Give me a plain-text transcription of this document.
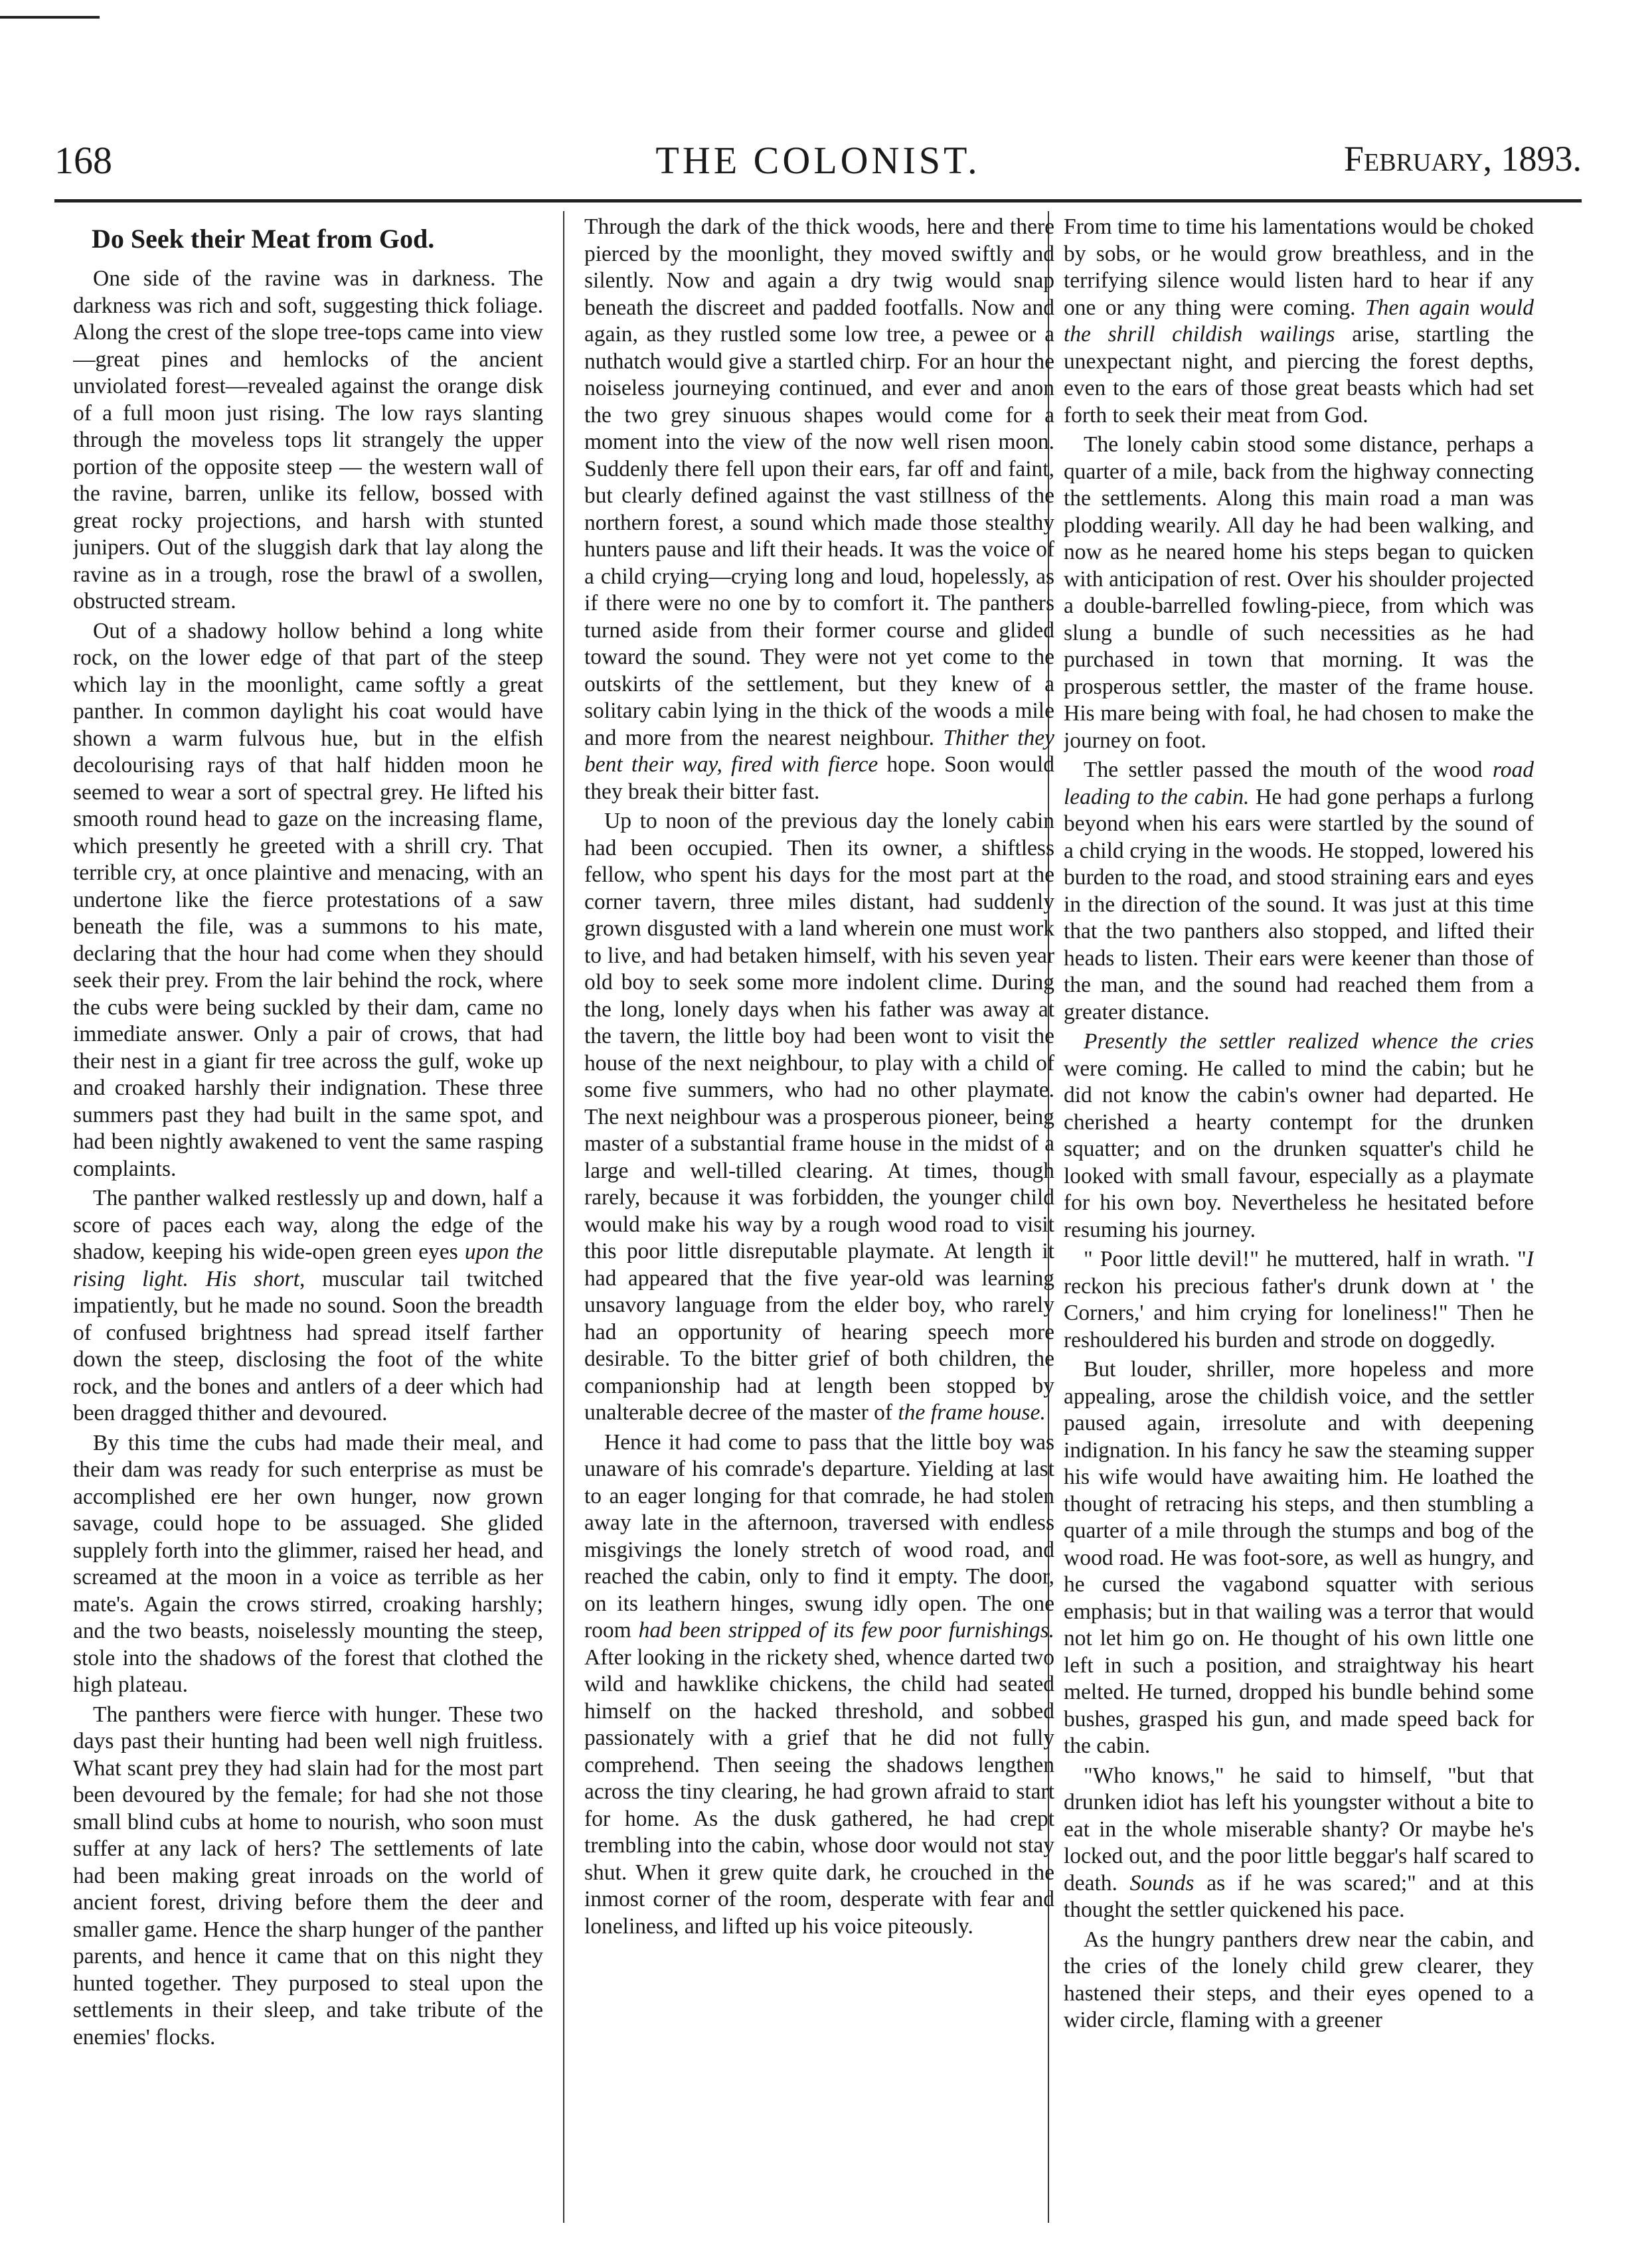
168	THE COLONIST.	February, 1893.
Do Seek their Meat from God.

One side of the ravine was in darkness. The darkness was rich and soft, suggesting thick foliage. Along the crest of the slope tree-tops came into view—great pines and hemlocks of the ancient unviolated forest—revealed against the orange disk of a full moon just rising. The low rays slanting through the moveless tops lit strangely the upper portion of the opposite steep — the western wall of the ravine, barren, unlike its fellow, bossed with great rocky projections, and harsh with stunted junipers. Out of the sluggish dark that lay along the ravine as in a trough, rose the brawl of a swollen, obstructed stream.

Out of a shadowy hollow behind a long white rock, on the lower edge of that part of the steep which lay in the moonlight, came softly a great panther. In common daylight his coat would have shown a warm fulvous hue, but in the elfish decolourising rays of that half hidden moon he seemed to wear a sort of spectral grey. He lifted his smooth round head to gaze on the increasing flame, which presently he greeted with a shrill cry. That terrible cry, at once plaintive and menacing, with an undertone like the fierce protestations of a saw beneath the file, was a summons to his mate, declaring that the hour had come when they should seek their prey. From the lair behind the rock, where the cubs were being suckled by their dam, came no immediate answer. Only a pair of crows, that had their nest in a giant fir tree across the gulf, woke up and croaked harshly their indignation. These three summers past they had built in the same spot, and had been nightly awakened to vent the same rasping complaints.

The panther walked restlessly up and down, half a score of paces each way, along the edge of the shadow, keeping his wide-open green eyes upon the rising light. His short, muscular tail twitched impatiently, but he made no sound. Soon the breadth of confused brightness had spread itself farther down the steep, disclosing the foot of the white rock, and the bones and antlers of a deer which had been dragged thither and devoured.

By this time the cubs had made their meal, and their dam was ready for such enterprise as must be accomplished ere her own hunger, now grown savage, could hope to be assuaged. She glided supplely forth into the glimmer, raised her head, and screamed at the moon in a voice as terrible as her mate's. Again the crows stirred, croaking harshly; and the two beasts, noiselessly mounting the steep, stole into the shadows of the forest that clothed the high plateau.

The panthers were fierce with hunger. These two days past their hunting had been well nigh fruitless. What scant prey they had slain had for the most part been devoured by the female; for had she not those small blind cubs at home to nourish, who soon must suffer at any lack of hers? The settlements of late had been making great inroads on the world of ancient forest, driving before them the deer and smaller game. Hence the sharp hunger of the panther parents, and hence it came that on this night they hunted together. They purposed to steal upon the settlements in their sleep, and take tribute of the enemies' flocks.

Through the dark of the thick woods, here and there pierced by the moonlight, they moved swiftly and silently. Now and again a dry twig would snap beneath the discreet and padded footfalls. Now and again, as they rustled some low tree, a pewee or a nuthatch would give a startled chirp. For an hour the noiseless journeying continued, and ever and anon the two grey sinuous shapes would come for a moment into the view of the now well risen moon. Suddenly there fell upon their ears, far off and faint, but clearly defined against the vast stillness of the northern forest, a sound which made those stealthy hunters pause and lift their heads. It was the voice of a child crying—crying long and loud, hopelessly, as if there were no one by to comfort it. The panthers turned aside from their former course and glided toward the sound. They were not yet come to the outskirts of the settlement, but they knew of a solitary cabin lying in the thick of the woods a mile and more from the nearest neighbour. Thither they bent their way, fired with fierce hope. Soon would they break their bitter fast.

Up to noon of the previous day the lonely cabin had been occupied. Then its owner, a shiftless fellow, who spent his days for the most part at the corner tavern, three miles distant, had suddenly grown disgusted with a land wherein one must work to live, and had betaken himself, with his seven year old boy to seek some more indolent clime. During the long, lonely days when his father was away at the tavern, the little boy had been wont to visit the house of the next neighbour, to play with a child of some five summers, who had no other playmate. The next neighbour was a prosperous pioneer, being master of a substantial frame house in the midst of a large and well-tilled clearing. At times, though rarely, because it was forbidden, the younger child would make his way by a rough wood road to visit this poor little disreputable playmate. At length it had appeared that the five year-old was learning unsavory language from the elder boy, who rarely had an opportunity of hearing speech more desirable. To the bitter grief of both children, the companionship had at length been stopped by unalterable decree of the master of the frame house.

Hence it had come to pass that the little boy was unaware of his comrade's departure. Yielding at last to an eager longing for that comrade, he had stolen away late in the afternoon, traversed with endless misgivings the lonely stretch of wood road, and reached the cabin, only to find it empty. The door, on its leathern hinges, swung idly open. The one room had been stripped of its few poor furnishings. After looking in the rickety shed, whence darted two wild and hawklike chickens, the child had seated himself on the hacked threshold, and sobbed passionately with a grief that he did not fully comprehend. Then seeing the shadows lengthen across the tiny clearing, he had grown afraid to start for home. As the dusk gathered, he had crept trembling into the cabin, whose door would not stay shut. When it grew quite dark, he crouched in the inmost corner of the room, desperate with fear and loneliness, and lifted up his voice piteously.

From time to time his lamentations would be choked by sobs, or he would grow breathless, and in the terrifying silence would listen hard to hear if any one or any thing were coming. Then again would the shrill childish wailings arise, startling the unexpectant night, and piercing the forest depths, even to the ears of those great beasts which had set forth to seek their meat from God.

The lonely cabin stood some distance, perhaps a quarter of a mile, back from the highway connecting the settlements. Along this main road a man was plodding wearily. All day he had been walking, and now as he neared home his steps began to quicken with anticipation of rest. Over his shoulder projected a double-barrelled fowling-piece, from which was slung a bundle of such necessities as he had purchased in town that morning. It was the prosperous settler, the master of the frame house. His mare being with foal, he had chosen to make the journey on foot.

The settler passed the mouth of the wood road leading to the cabin. He had gone perhaps a furlong beyond when his ears were startled by the sound of a child crying in the woods. He stopped, lowered his burden to the road, and stood straining ears and eyes in the direction of the sound. It was just at this time that the two panthers also stopped, and lifted their heads to listen. Their ears were keener than those of the man, and the sound had reached them from a greater distance.

Presently the settler realized whence the cries were coming. He called to mind the cabin; but he did not know the cabin's owner had departed. He cherished a hearty contempt for the drunken squatter; and on the drunken squatter's child he looked with small favour, especially as a playmate for his own boy. Nevertheless he hesitated before resuming his journey.

" Poor little devil!" he muttered, half in wrath. "I reckon his precious father's drunk down at ' the Corners,' and him crying for loneliness!" Then he reshouldered his burden and strode on doggedly.

But louder, shriller, more hopeless and more appealing, arose the childish voice, and the settler paused again, irresolute and with deepening indignation. In his fancy he saw the steaming supper his wife would have awaiting him. He loathed the thought of retracing his steps, and then stumbling a quarter of a mile through the stumps and bog of the wood road. He was foot-sore, as well as hungry, and he cursed the vagabond squatter with serious emphasis; but in that wailing was a terror that would not let him go on. He thought of his own little one left in such a position, and straightway his heart melted. He turned, dropped his bundle behind some bushes, grasped his gun, and made speed back for the cabin.

"Who knows," he said to himself, "but that drunken idiot has left his youngster without a bite to eat in the whole miserable shanty? Or maybe he's locked out, and the poor little beggar's half scared to death. Sounds as if he was scared;" and at this thought the settler quickened his pace.

As the hungry panthers drew near the cabin, and the cries of the lonely child grew clearer, they hastened their steps, and their eyes opened to a wider circle, flaming with a greener
